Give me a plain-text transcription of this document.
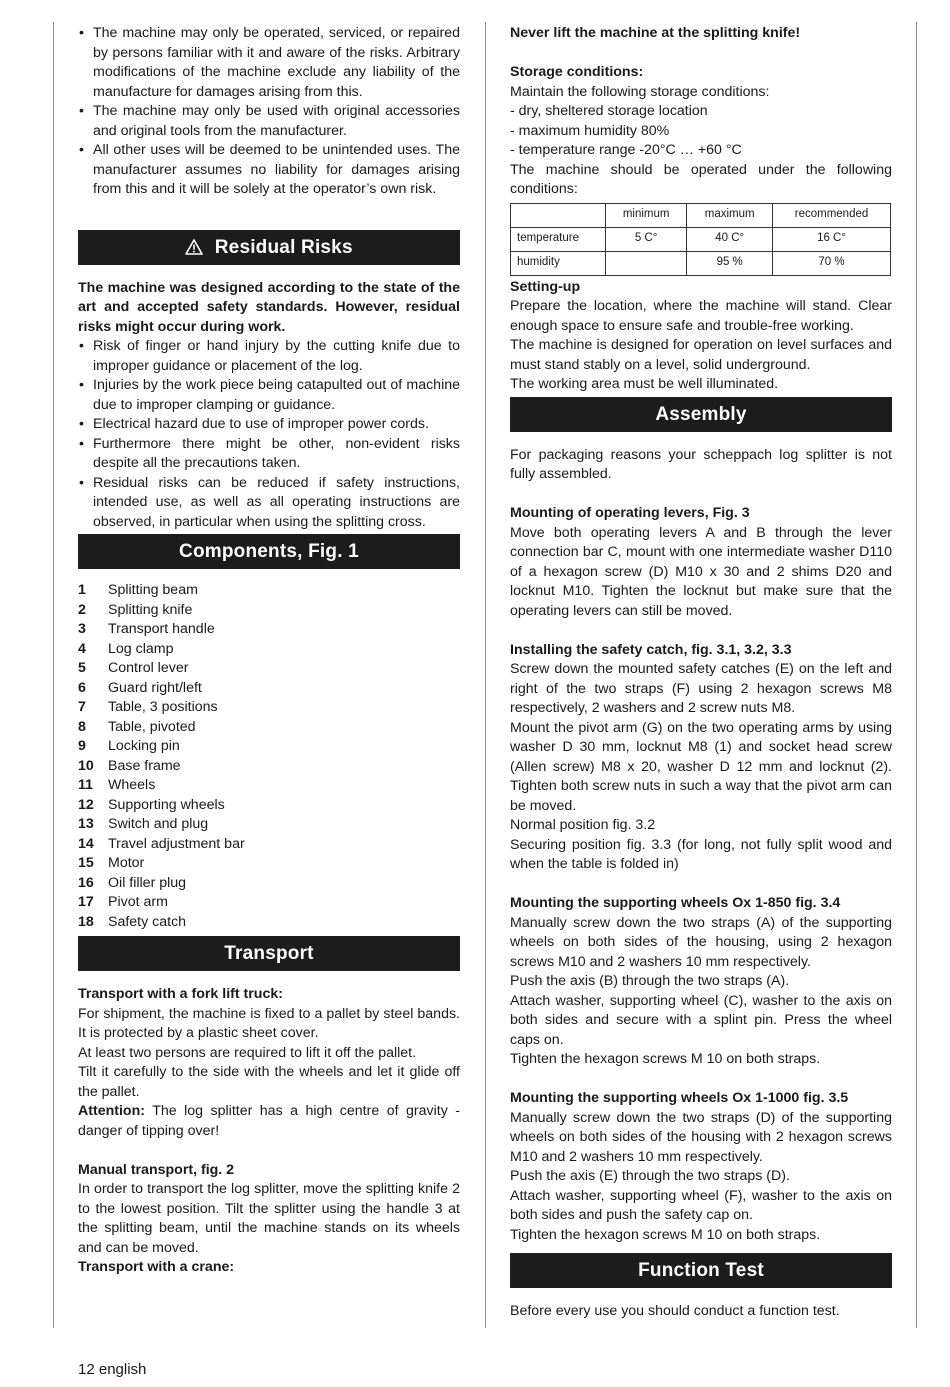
• The machine may only be operated, serviced, or repaired by persons familiar with it and aware of the risks. Arbitrary modifications of the machine exclude any liability of the manufacture for damages arising from this.
• The machine may only be used with original accessories and original tools from the manufacturer.
• All other uses will be deemed to be unintended uses. The manufacturer assumes no liability for damages arising from this and it will be solely at the operator’s own risk.
Residual Risks
The machine was designed according to the state of the art and accepted safety standards. However, residual risks might occur during work.
• Risk of finger or hand injury by the cutting knife due to improper guidance or placement of the log.
• Injuries by the work piece being catapulted out of machine due to improper clamping or guidance.
• Electrical hazard due to use of improper power cords.
• Furthermore there might be other, non-evident risks despite all the precautions taken.
• Residual risks can be reduced if safety instructions, intended use, as well as all operating instructions are observed, in particular when using the splitting cross.
Components, Fig. 1
1	Splitting beam
2	Splitting knife
3	Transport handle
4	Log clamp
5	Control lever
6	Guard right/left
7	Table, 3 positions
8	Table, pivoted
9	Locking pin
10	Base frame
11	Wheels
12	Supporting wheels
13	Switch and plug
14	Travel adjustment bar
15	Motor
16	Oil filler plug
17	Pivot arm
18	Safety catch
Transport
Transport with a fork lift truck:
For shipment, the machine is fixed to a pallet by steel bands. It is protected by a plastic sheet cover.
At least two persons are required to lift it off the pallet.
Tilt it carefully to the side with the wheels and let it glide off the pallet.
Attention: The log splitter has a high centre of gravity - danger of tipping over!
Manual transport, fig. 2
In order to transport the log splitter, move the splitting knife 2 to the lowest position. Tilt the splitter using the handle 3 at the splitting beam, until the machine stands on its wheels and can be moved.
Transport with a crane:
Never lift the machine at the splitting knife!
Storage conditions:
Maintain the following storage conditions:
- dry, sheltered storage location
- maximum humidity 80%
- temperature range -20°C … +60 °C
The machine should be operated under the following conditions:
	minimum	maximum	recommended
temperature	5 C°	40 C°	16 C°
humidity		95 %	70 %
Setting-up
Prepare the location, where the machine will stand. Clear enough space to ensure safe and trouble-free working.
The machine is designed for operation on level surfaces and must stand stably on a level, solid underground.
The working area must be well illuminated.
Assembly
For packaging reasons your scheppach log splitter is not fully assembled.
Mounting of operating levers, Fig. 3
Move both operating levers A and B through the lever connection bar C, mount with one intermediate washer D110 of a hexagon screw (D) M10 x 30 and 2 shims D20 and locknut M10. Tighten the locknut but make sure that the operating levers can still be moved.
Installing the safety catch, fig. 3.1, 3.2, 3.3
Screw down the mounted safety catches (E) on the left and right of the two straps (F) using 2 hexagon screws M8 respectively, 2 washers and 2 screw nuts M8.
Mount the pivot arm (G) on the two operating arms by using washer D 30 mm, locknut M8 (1) and socket head screw (Allen screw) M8 x 20, washer D 12 mm and locknut (2). Tighten both screw nuts in such a way that the pivot arm can be moved.
Normal position fig. 3.2
Securing position fig. 3.3 (for long, not fully split wood and when the table is folded in)
Mounting the supporting wheels Ox 1-850 fig. 3.4
Manually screw down the two straps (A) of the supporting wheels on both sides of the housing, using 2 hexagon screws M10 and 2 washers 10 mm respectively.
Push the axis (B) through the two straps (A).
Attach washer, supporting wheel (C), washer to the axis on both sides and secure with a splint pin. Press the wheel caps on.
Tighten the hexagon screws M 10 on both straps.
Mounting the supporting wheels Ox 1-1000 fig. 3.5
Manually screw down the two straps (D) of the supporting wheels on both sides of the housing with 2 hexagon screws M10 and 2 washers 10 mm respectively.
Push the axis (E) through the two straps (D).
Attach washer, supporting wheel (F), washer to the axis on both sides and push the safety cap on.
Tighten the hexagon screws M 10 on both straps.
Function Test
Before every use you should conduct a function test.
12 english
